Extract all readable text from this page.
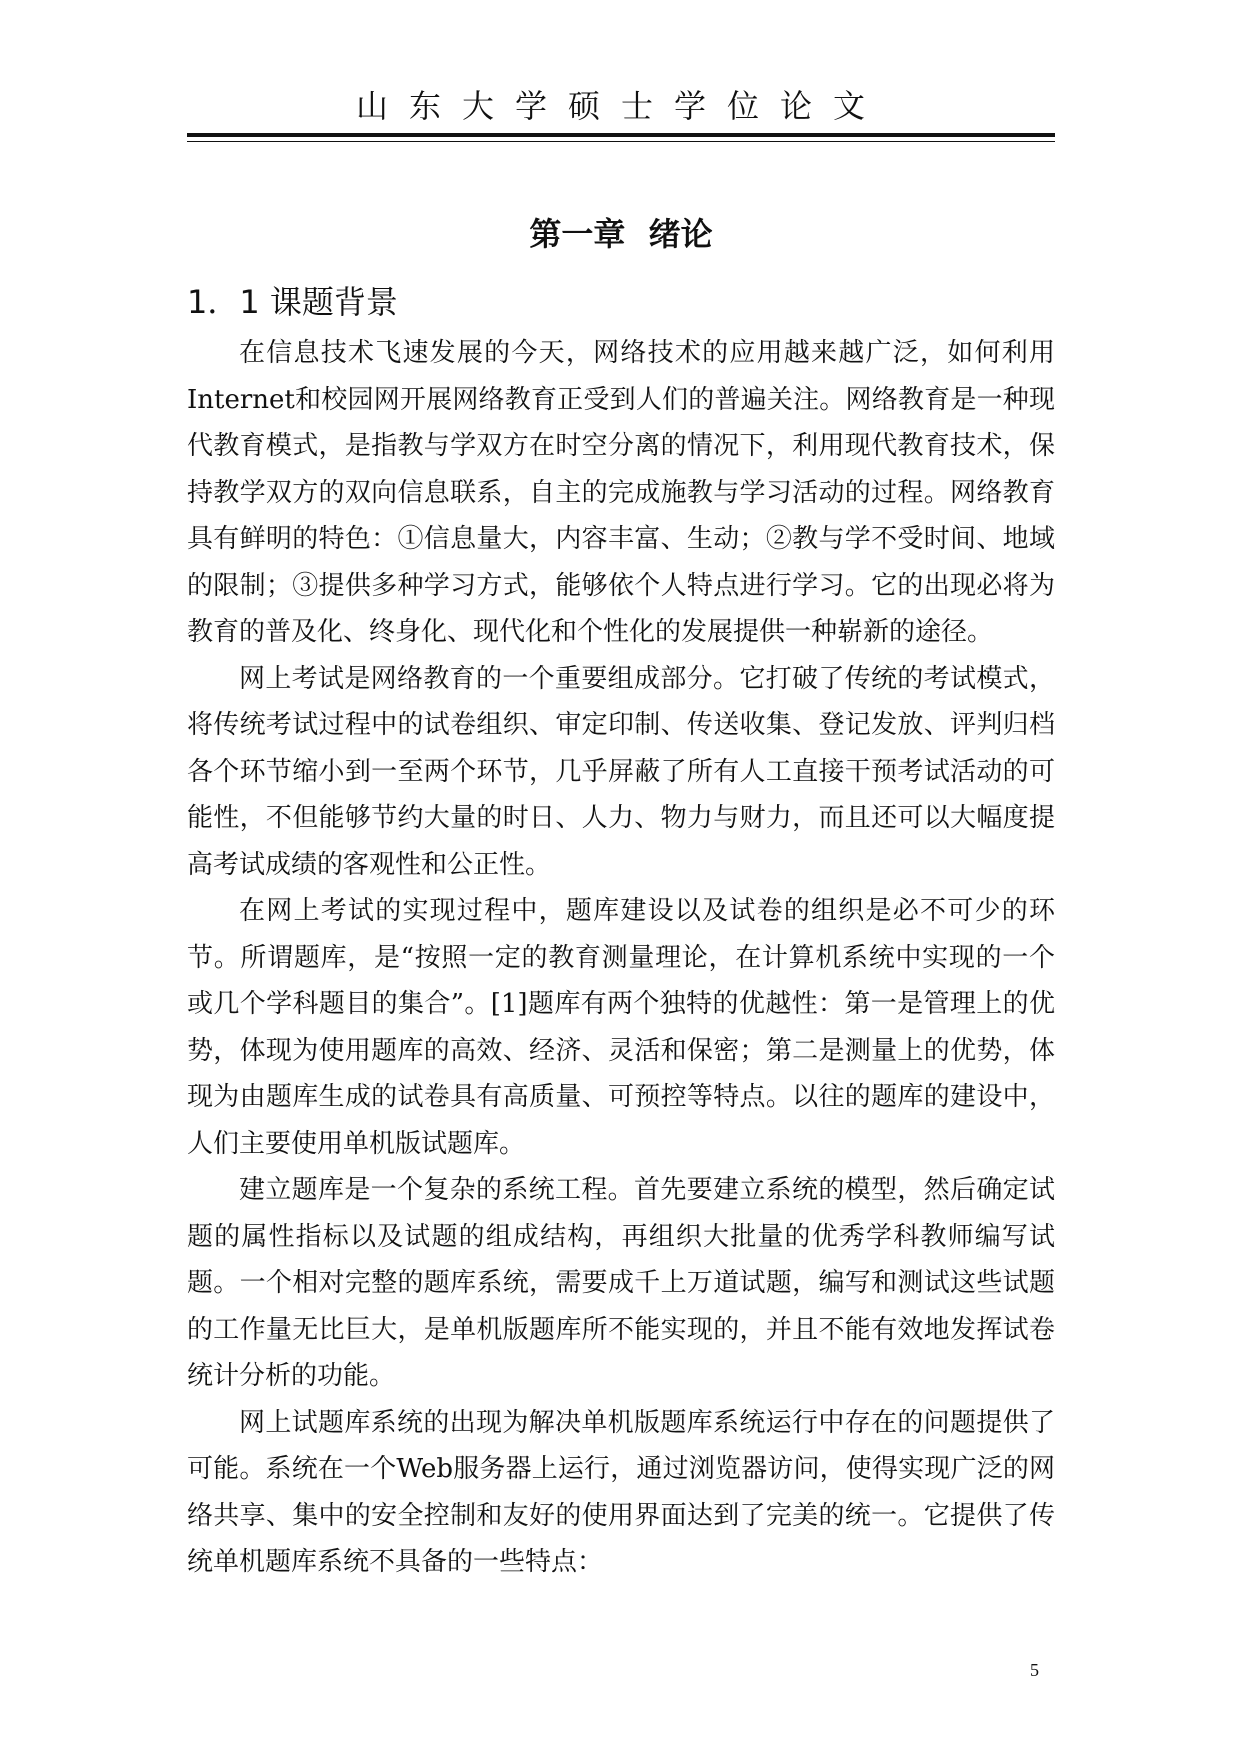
山东大学硕士学位论文
第一章 绪论
1．1 课题背景

在信息技术飞速发展的今天，网络技术的应用越来越广泛，如何利用Internet和校园网开展网络教育正受到人们的普遍关注。网络教育是一种现代教育模式，是指教与学双方在时空分离的情况下，利用现代教育技术，保持教学双方的双向信息联系，自主的完成施教与学习活动的过程。网络教育具有鲜明的特色：①信息量大，内容丰富、生动；②教与学不受时间、地域的限制；③提供多种学习方式，能够依个人特点进行学习。它的出现必将为教育的普及化、终身化、现代化和个性化的发展提供一种崭新的途径。

网上考试是网络教育的一个重要组成部分。它打破了传统的考试模式，将传统考试过程中的试卷组织、审定印制、传送收集、登记发放、评判归档各个环节缩小到一至两个环节，几乎屏蔽了所有人工直接干预考试活动的可能性，不但能够节约大量的时日、人力、物力与财力，而且还可以大幅度提高考试成绩的客观性和公正性。

在网上考试的实现过程中，题库建设以及试卷的组织是必不可少的环节。所谓题库，是“按照一定的教育测量理论，在计算机系统中实现的一个或几个学科题目的集合”。[1]题库有两个独特的优越性：第一是管理上的优势，体现为使用题库的高效、经济、灵活和保密；第二是测量上的优势，体现为由题库生成的试卷具有高质量、可预控等特点。以往的题库的建设中，人们主要使用单机版试题库。

建立题库是一个复杂的系统工程。首先要建立系统的模型，然后确定试题的属性指标以及试题的组成结构，再组织大批量的优秀学科教师编写试题。一个相对完整的题库系统，需要成千上万道试题，编写和测试这些试题的工作量无比巨大，是单机版题库所不能实现的，并且不能有效地发挥试卷统计分析的功能。

网上试题库系统的出现为解决单机版题库系统运行中存在的问题提供了可能。系统在一个Web服务器上运行，通过浏览器访问，使得实现广泛的网络共享、集中的安全控制和友好的使用界面达到了完美的统一。它提供了传统单机题库系统不具备的一些特点：

5
